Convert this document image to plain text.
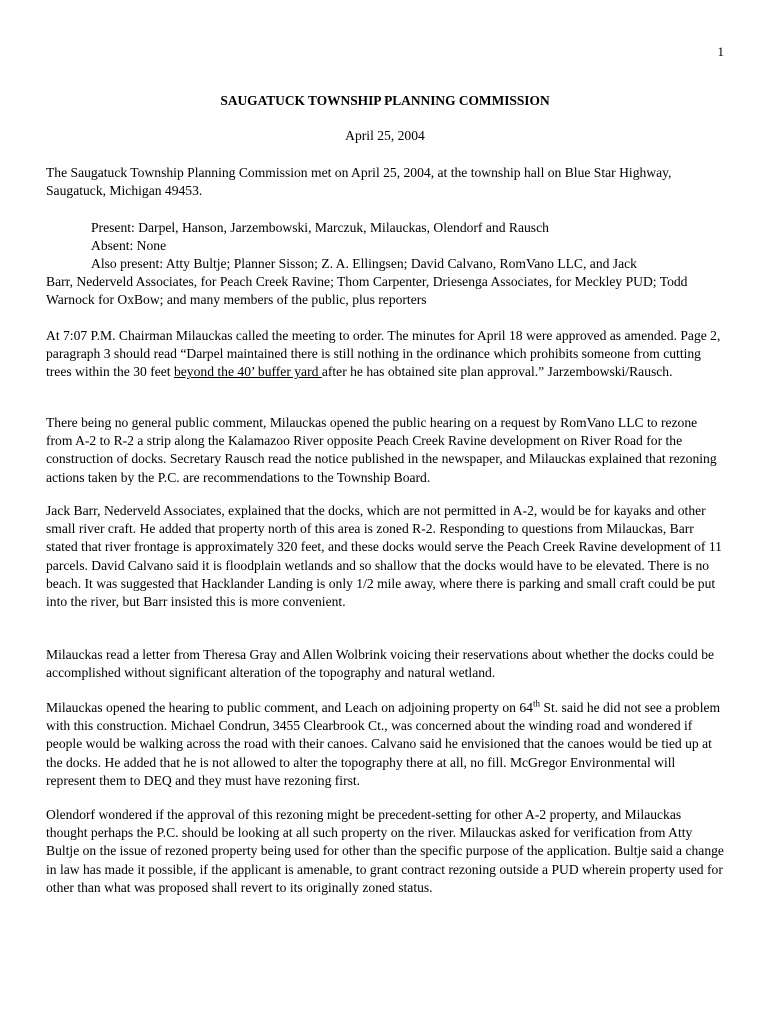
1
SAUGATUCK TOWNSHIP PLANNING COMMISSION
April 25, 2004

The Saugatuck Township Planning Commission met on April 25, 2004, at the township hall on Blue Star Highway, Saugatuck, Michigan 49453.

Present: Darpel, Hanson, Jarzembowski, Marczuk, Milauckas, Olendorf and Rausch

Absent: None

Also present: Atty Bultje; Planner Sisson; Z. A. Ellingsen; David Calvano, RomVano LLC, and Jack

Barr, Nederveld Associates, for Peach Creek Ravine; Thom Carpenter, Driesenga Associates, for Meckley PUD; Todd Warnock for OxBow; and many members of the public, plus reporters

At 7:07 P.M. Chairman Milauckas called the meeting to order. The minutes for April 18 were approved as amended. Page 2, paragraph 3 should read “Darpel maintained there is still nothing in the ordinance which prohibits someone from cutting trees within the 30 feet beyond the 40’ buffer yard after he has obtained site plan approval.” Jarzembowski/Rausch.

There being no general public comment, Milauckas opened the public hearing on a request by RomVano LLC to rezone from A-2 to R-2 a strip along the Kalamazoo River opposite Peach Creek Ravine development on River Road for the construction of docks. Secretary Rausch read the notice published in the newspaper, and Milauckas explained that rezoning actions taken by the P.C. are recommendations to the Township Board.

Jack Barr, Nederveld Associates, explained that the docks, which are not permitted in A-2, would be for kayaks and other small river craft. He added that property north of this area is zoned R-2. Responding to questions from Milauckas, Barr stated that river frontage is approximately 320 feet, and these docks would serve the Peach Creek Ravine development of 11 parcels. David Calvano said it is floodplain wetlands and so shallow that the docks would have to be elevated. There is no beach. It was suggested that Hacklander Landing is only 1/2 mile away, where there is parking and small craft could be put into the river, but Barr insisted this is more convenient.

Milauckas read a letter from Theresa Gray and Allen Wolbrink voicing their reservations about whether the docks could be accomplished without significant alteration of the topography and natural wetland.

Milauckas opened the hearing to public comment, and Leach on adjoining property on 64th St. said he did not see a problem with this construction. Michael Condrun, 3455 Clearbrook Ct., was concerned about the winding road and wondered if people would be walking across the road with their canoes. Calvano said he envisioned that the canoes would be tied up at the docks. He added that he is not allowed to alter the topography there at all, no fill. McGregor Environmental will represent them to DEQ and they must have rezoning first.

Olendorf wondered if the approval of this rezoning might be precedent-setting for other A-2 property, and Milauckas thought perhaps the P.C. should be looking at all such property on the river. Milauckas asked for verification from Atty Bultje on the issue of rezoned property being used for other than the specific purpose of the application. Bultje said a change in law has made it possible, if the applicant is amenable, to grant contract rezoning outside a PUD wherein property used for other than what was proposed shall revert to its originally zoned status.
